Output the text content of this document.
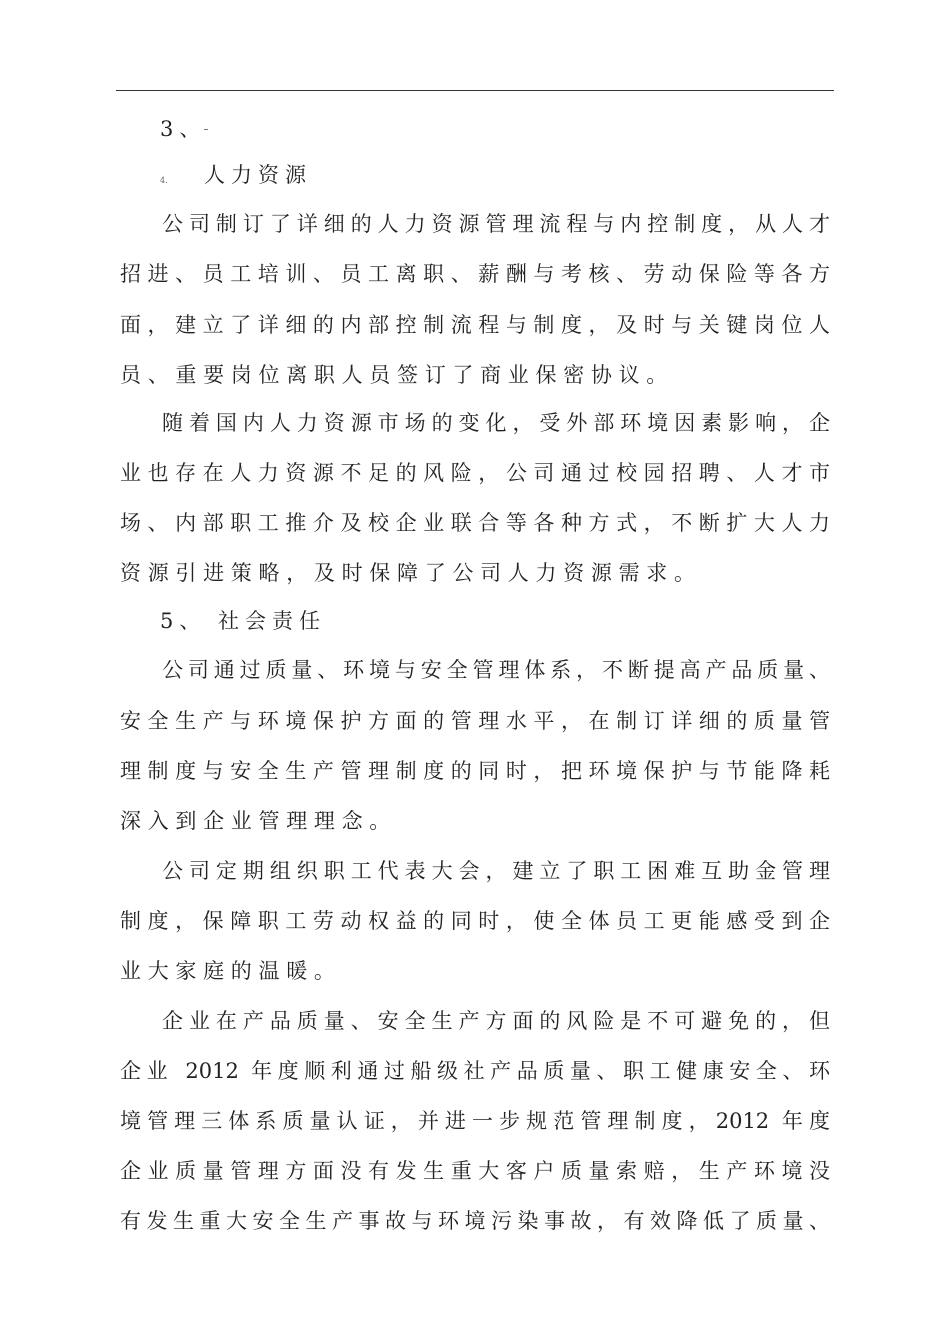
3、
4. 人力资源
公司制订了详细的人力资源管理流程与内控制度，从人才
招进、员工培训、员工离职、薪酬与考核、劳动保险等各方
面，建立了详细的内部控制流程与制度，及时与关键岗位人
员、重要岗位离职人员签订了商业保密协议。
随着国内人力资源市场的变化，受外部环境因素影响，企
业也存在人力资源不足的风险，公司通过校园招聘、人才市
场、内部职工推介及校企业联合等各种方式，不断扩大人力
资源引进策略，及时保障了公司人力资源需求。
5、 社会责任
公司通过质量、环境与安全管理体系，不断提高产品质量、
安全生产与环境保护方面的管理水平，在制订详细的质量管
理制度与安全生产管理制度的同时，把环境保护与节能降耗
深入到企业管理理念。
公司定期组织职工代表大会，建立了职工困难互助金管理
制度，保障职工劳动权益的同时，使全体员工更能感受到企
业大家庭的温暖。
企业在产品质量、安全生产方面的风险是不可避免的，但
企业 2012 年度顺利通过船级社产品质量、职工健康安全、环
境管理三体系质量认证，并进一步规范管理制度，2012 年度
企业质量管理方面没有发生重大客户质量索赔，生产环境没
有发生重大安全生产事故与环境污染事故，有效降低了质量、
